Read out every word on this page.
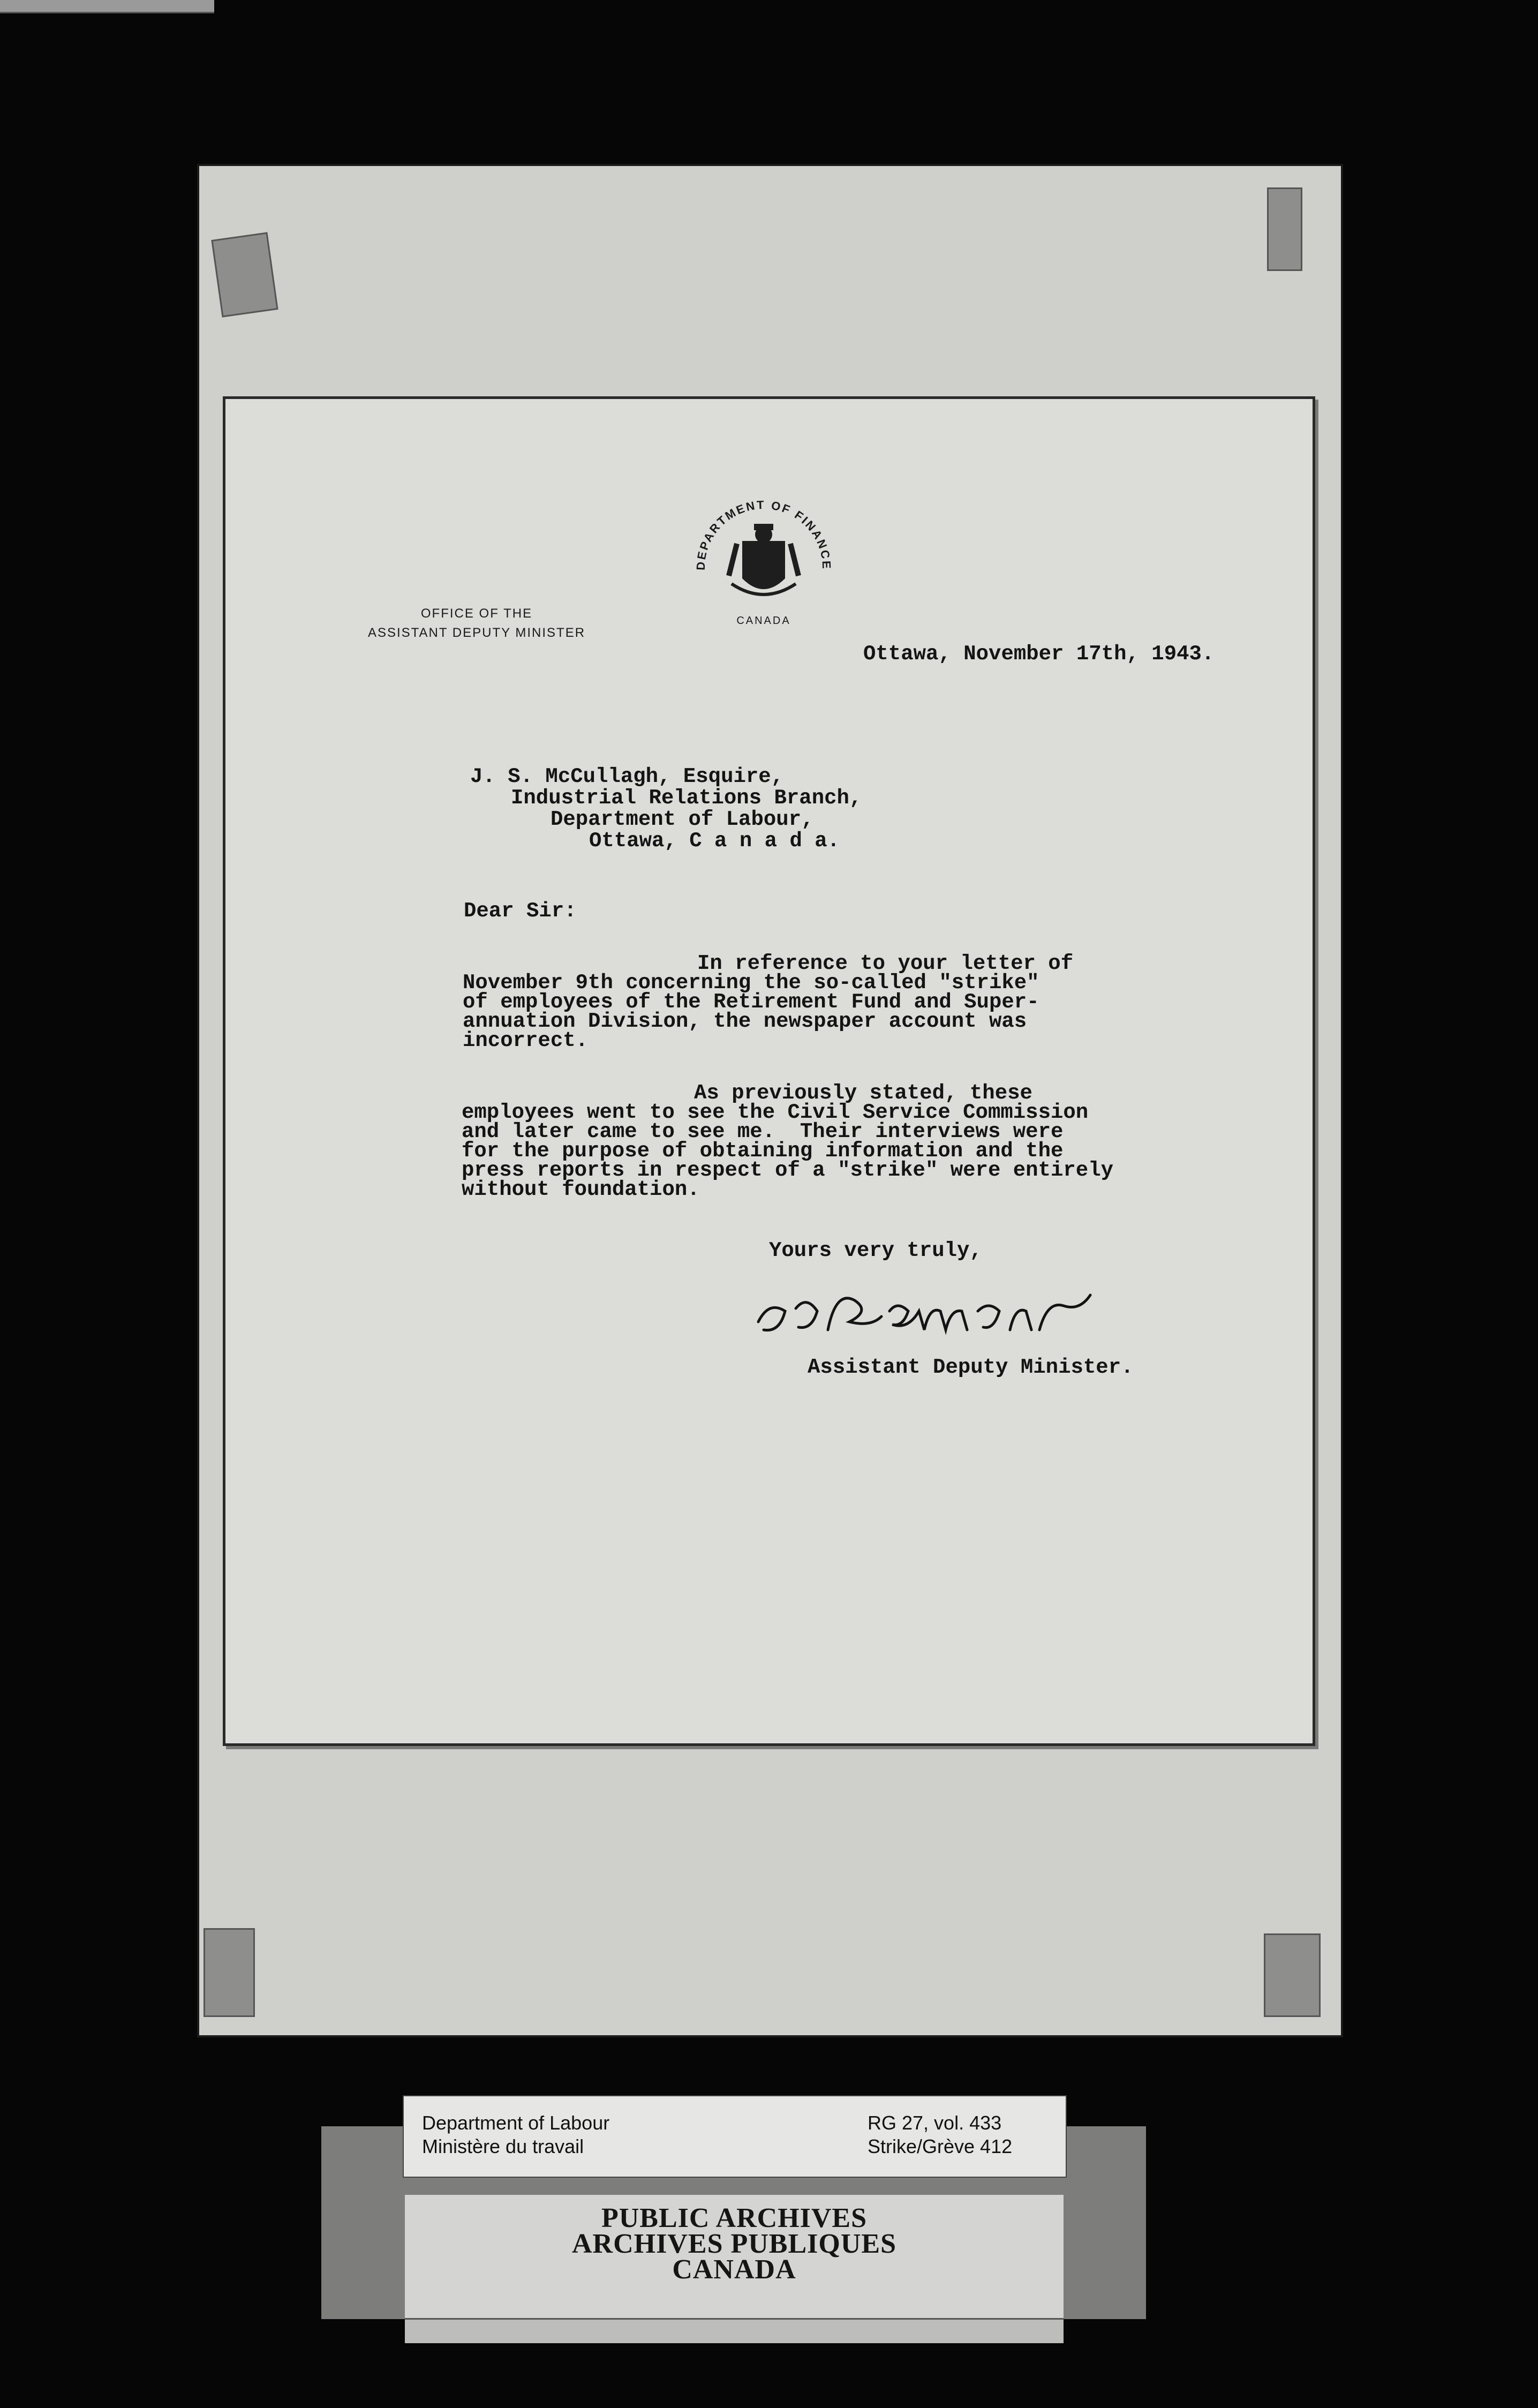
DEPARTMENT OF FINANCE
CANADA
OFFICE OF THE
ASSISTANT DEPUTY MINISTER
Ottawa, November 17th, 1943.
J. S. McCullagh, Esquire,
Industrial Relations Branch,
Department of Labour,
Ottawa, C a n a d a.
Dear Sir:
In reference to your letter of
November 9th concerning the so-called "strike"
of employees of the Retirement Fund and Super-
annuation Division, the newspaper account was
incorrect.
As previously stated, these
employees went to see the Civil Service Commission
and later came to see me.  Their interviews were
for the purpose of obtaining information and the
press reports in respect of a "strike" were entirely
without foundation.
Yours very truly,
Assistant Deputy Minister.
Department of Labour
Ministère du travail
RG 27, vol. 433
Strike/Grève 412
PUBLIC ARCHIVES
ARCHIVES PUBLIQUES
CANADA
